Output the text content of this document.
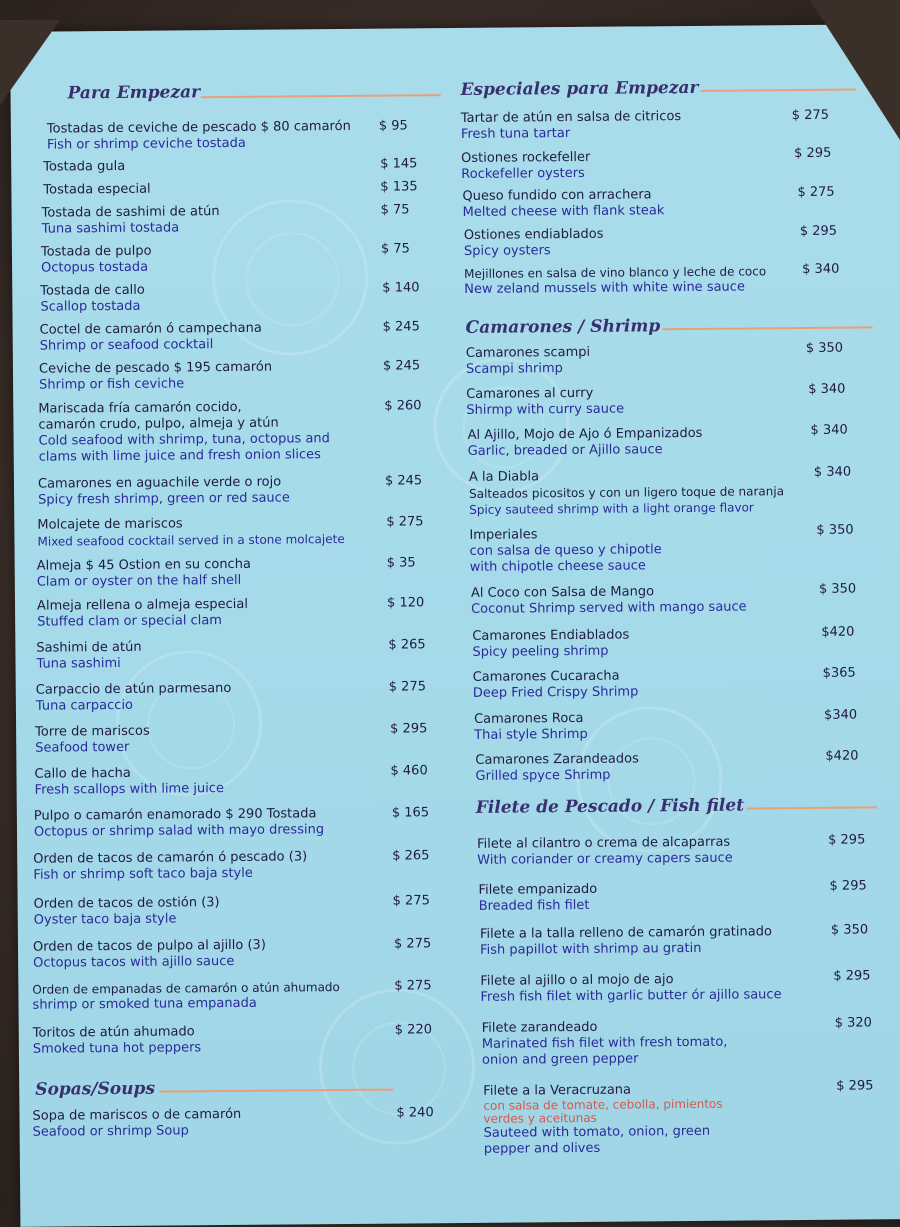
Para Empezar
Tostadas de ceviche de pescado $ 80 camarón
Fish or shrimp ceviche tostada
$ 95
Tostada gula	$ 145
Tostada especial	$ 135
Tostada de sashimi de atún
Tuna sashimi tostada
$ 75
Tostada de pulpo
Octopus tostada
$ 75
Tostada de callo
Scallop tostada
$ 140
Coctel de camarón ó campechana
Shrimp or seafood cocktail
$ 245
Ceviche de pescado $ 195 camarón
Shrimp or fish ceviche
$ 245
Mariscada fría camarón cocido,
camarón crudo, pulpo, almeja y atún
Cold seafood with shrimp, tuna, octopus and
clams with lime juice and fresh onion slices
$ 260
Camarones en aguachile verde o rojo
Spicy fresh shrimp, green or red sauce
$ 245
Molcajete de mariscos
Mixed seafood cocktail served in a stone molcajete
$ 275
Almeja $ 45 Ostion en su concha
Clam or oyster on the half shell
$ 35
Almeja rellena o almeja especial
Stuffed clam or special clam
$ 120
Sashimi de atún
Tuna sashimi
$ 265
Carpaccio de atún parmesano
Tuna carpaccio
$ 275
Torre de mariscos
Seafood tower
$ 295
Callo de hacha
Fresh scallops with lime juice
$ 460
Pulpo o camarón enamorado $ 290 Tostada
Octopus or shrimp salad with mayo dressing
$ 165
Orden de tacos de camarón ó pescado (3)
Fish or shrimp soft taco baja style
$ 265
Orden de tacos de ostión (3)
Oyster taco baja style
$ 275
Orden de tacos de pulpo al ajillo (3)
Octopus tacos with ajillo sauce
$ 275
Orden de empanadas de camarón o atún ahumado
shrimp or smoked tuna empanada
$ 275
Toritos de atún ahumado
Smoked tuna hot peppers
$ 220
Sopas/Soups
Sopa de mariscos o de camarón
Seafood or shrimp Soup
$ 240
Especiales para Empezar
Tartar de atún en salsa de citricos
Fresh tuna tartar
$ 275
Ostiones rockefeller
Rockefeller oysters
$ 295
Queso fundido con arrachera
Melted cheese with flank steak
$ 275
Ostiones endiablados
Spicy oysters
$ 295
Mejillones en salsa de vino blanco y leche de coco
New zeland mussels with white wine sauce
$ 340
Camarones / Shrimp
Camarones scampi
Scampi shrimp
$ 350
Camarones al curry
Shirmp with curry sauce
$ 340
Al Ajillo, Mojo de Ajo ó Empanizados
Garlic, breaded or Ajillo sauce
$ 340
A la Diabla
Salteados picositos y con un ligero toque de naranja
Spicy sauteed shrimp with a light orange flavor
$ 340
Imperiales
con salsa de queso y chipotle
with chipotle cheese sauce
$ 350
Al Coco con Salsa de Mango
Coconut Shrimp served with mango sauce
$ 350
Camarones Endiablados
Spicy peeling shrimp
$420
Camarones Cucaracha
Deep Fried Crispy Shrimp
$365
Camarones Roca
Thai style Shrimp
$340
Camarones Zarandeados
Grilled spyce Shrimp
$420
Filete de Pescado / Fish filet
Filete al cilantro o crema de alcaparras
With coriander or creamy capers sauce
$ 295
Filete empanizado
Breaded fish filet
$ 295
Filete a la talla relleno de camarón gratinado
Fish papillot with shrimp au gratin
$ 350
Filete al ajillo o al mojo de ajo
Fresh fish filet with garlic butter ór ajillo sauce
$ 295
Filete zarandeado
Marinated fish filet with fresh tomato,
onion and green pepper
$ 320
Filete a la Veracruzana
con salsa de tomate, cebolla, pimientos
verdes y aceitunas
Sauteed with tomato, onion, green
pepper and olives
$ 295
